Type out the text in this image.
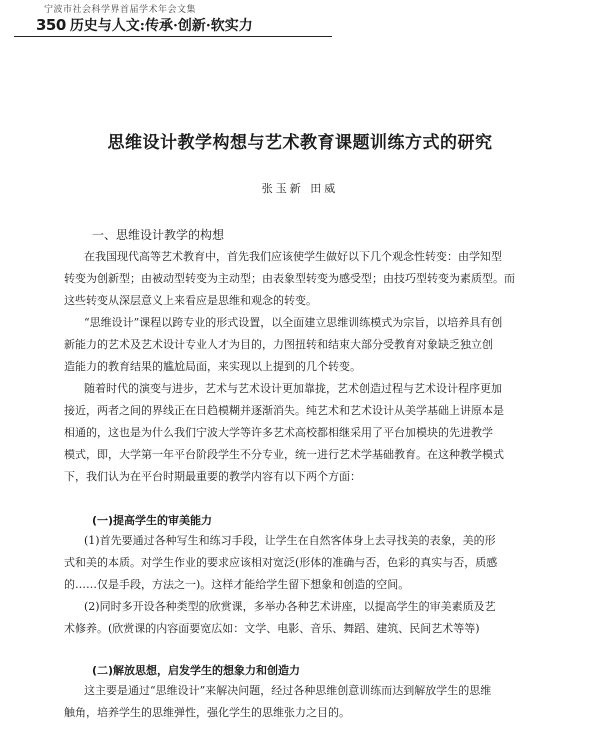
宁波市社会科学界首届学术年会文集
350 历史与人文:传承·创新·软实力
思维设计教学构想与艺术教育课题训练方式的研究
张玉新 田威
一、思维设计教学的构想
在我国现代高等艺术教育中，首先我们应该使学生做好以下几个观念性转变：由学知型
转变为创新型；由被动型转变为主动型；由表象型转变为感受型；由技巧型转变为素质型。而
这些转变从深层意义上来看应是思维和观念的转变。
“思维设计”课程以跨专业的形式设置，以全面建立思维训练模式为宗旨，以培养具有创
新能力的艺术及艺术设计专业人才为目的，力图扭转和结束大部分受教育对象缺乏独立创
造能力的教育结果的尴尬局面，来实现以上提到的几个转变。
随着时代的演变与进步，艺术与艺术设计更加靠拢，艺术创造过程与艺术设计程序更加
接近，两者之间的界线正在日趋模糊并逐渐消失。纯艺术和艺术设计从美学基础上讲原本是
相通的，这也是为什么我们宁波大学等许多艺术高校都相继采用了平台加模块的先进教学
模式，即，大学第一年平台阶段学生不分专业，统一进行艺术学基础教育。在这种教学模式
下，我们认为在平台时期最重要的教学内容有以下两个方面：
(一)提高学生的审美能力
(1)首先要通过各种写生和练习手段，让学生在自然客体身上去寻找美的表象，美的形
式和美的本质。对学生作业的要求应该相对宽泛(形体的准确与否，色彩的真实与否，质感
的……仅是手段，方法之一)。这样才能给学生留下想象和创造的空间。
(2)同时多开设各种类型的欣赏课，多举办各种艺术讲座，以提高学生的审美素质及艺
术修养。(欣赏课的内容面要宽広如：文学、电影、音乐、舞蹈、建筑、民间艺术等等)
(二)解放思想，启发学生的想象力和创造力
这主要是通过“思维设计”来解决问题，经过各种思维创意训练而达到解放学生的思维
触角，培养学生的思维弹性，强化学生的思维张力之目的。
